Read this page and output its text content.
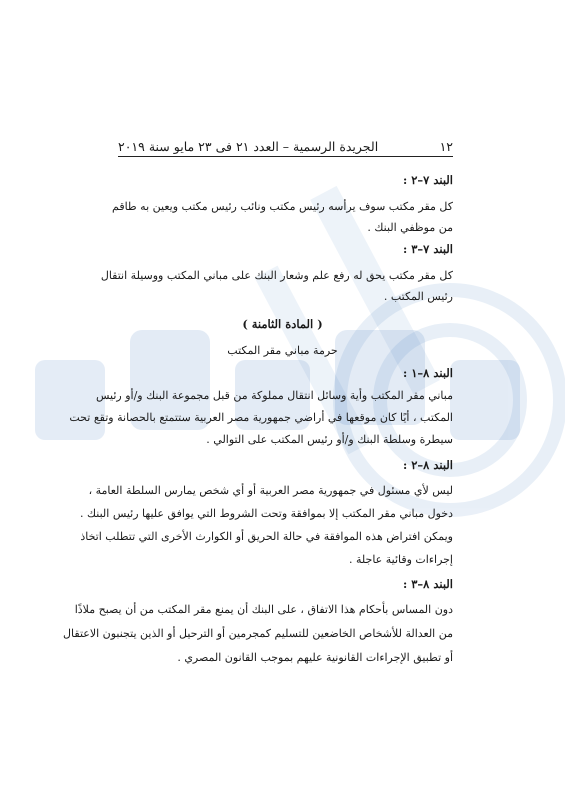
١٢
الجريدة الرسمية – العدد ٢١ فى ٢٣ مايو سنة ٢٠١٩
البند ٧–٢ :
كل مقر مكتب سوف يرأسه رئيس مكتب ونائب رئيس مكتب ويعين به طاقم
من موظفي البنك .
البند ٧–٣ :
كل مقر مكتب يحق له رفع علم وشعار البنك على مباني المكتب ووسيلة انتقال
رئيس المكتب .
( المادة الثامنة )
حرمة مباني مقر المكتب
البند ٨–١ :
مباني مقر المكتب وأية وسائل انتقال مملوكة من قبل مجموعة البنك و/أو رئيس
المكتب ، أيًا كان موقعها في أراضي جمهورية مصر العربية ستتمتع بالحصانة وتقع تحت
سيطرة وسلطة البنك و/أو رئيس المكتب على التوالي .
البند ٨–٢ :
ليس لأي مسئول في جمهورية مصر العربية أو أي شخص يمارس السلطة العامة ،
دخول مباني مقر المكتب إلا بموافقة وتحت الشروط التي يوافق عليها رئيس البنك .
ويمكن افتراض هذه الموافقة في حالة الحريق أو الكوارث الأخرى التي تتطلب اتخاذ
إجراءات وقائية عاجلة .
البند ٨–٣ :
دون المساس بأحكام هذا الاتفاق ، على البنك أن يمنع مقر المكتب من أن يصبح ملاذًا
من العدالة للأشخاص الخاضعين للتسليم كمجرمين أو الترحيل أو الذين يتجنبون الاعتقال
أو تطبيق الإجراءات القانونية عليهم بموجب القانون المصري .
